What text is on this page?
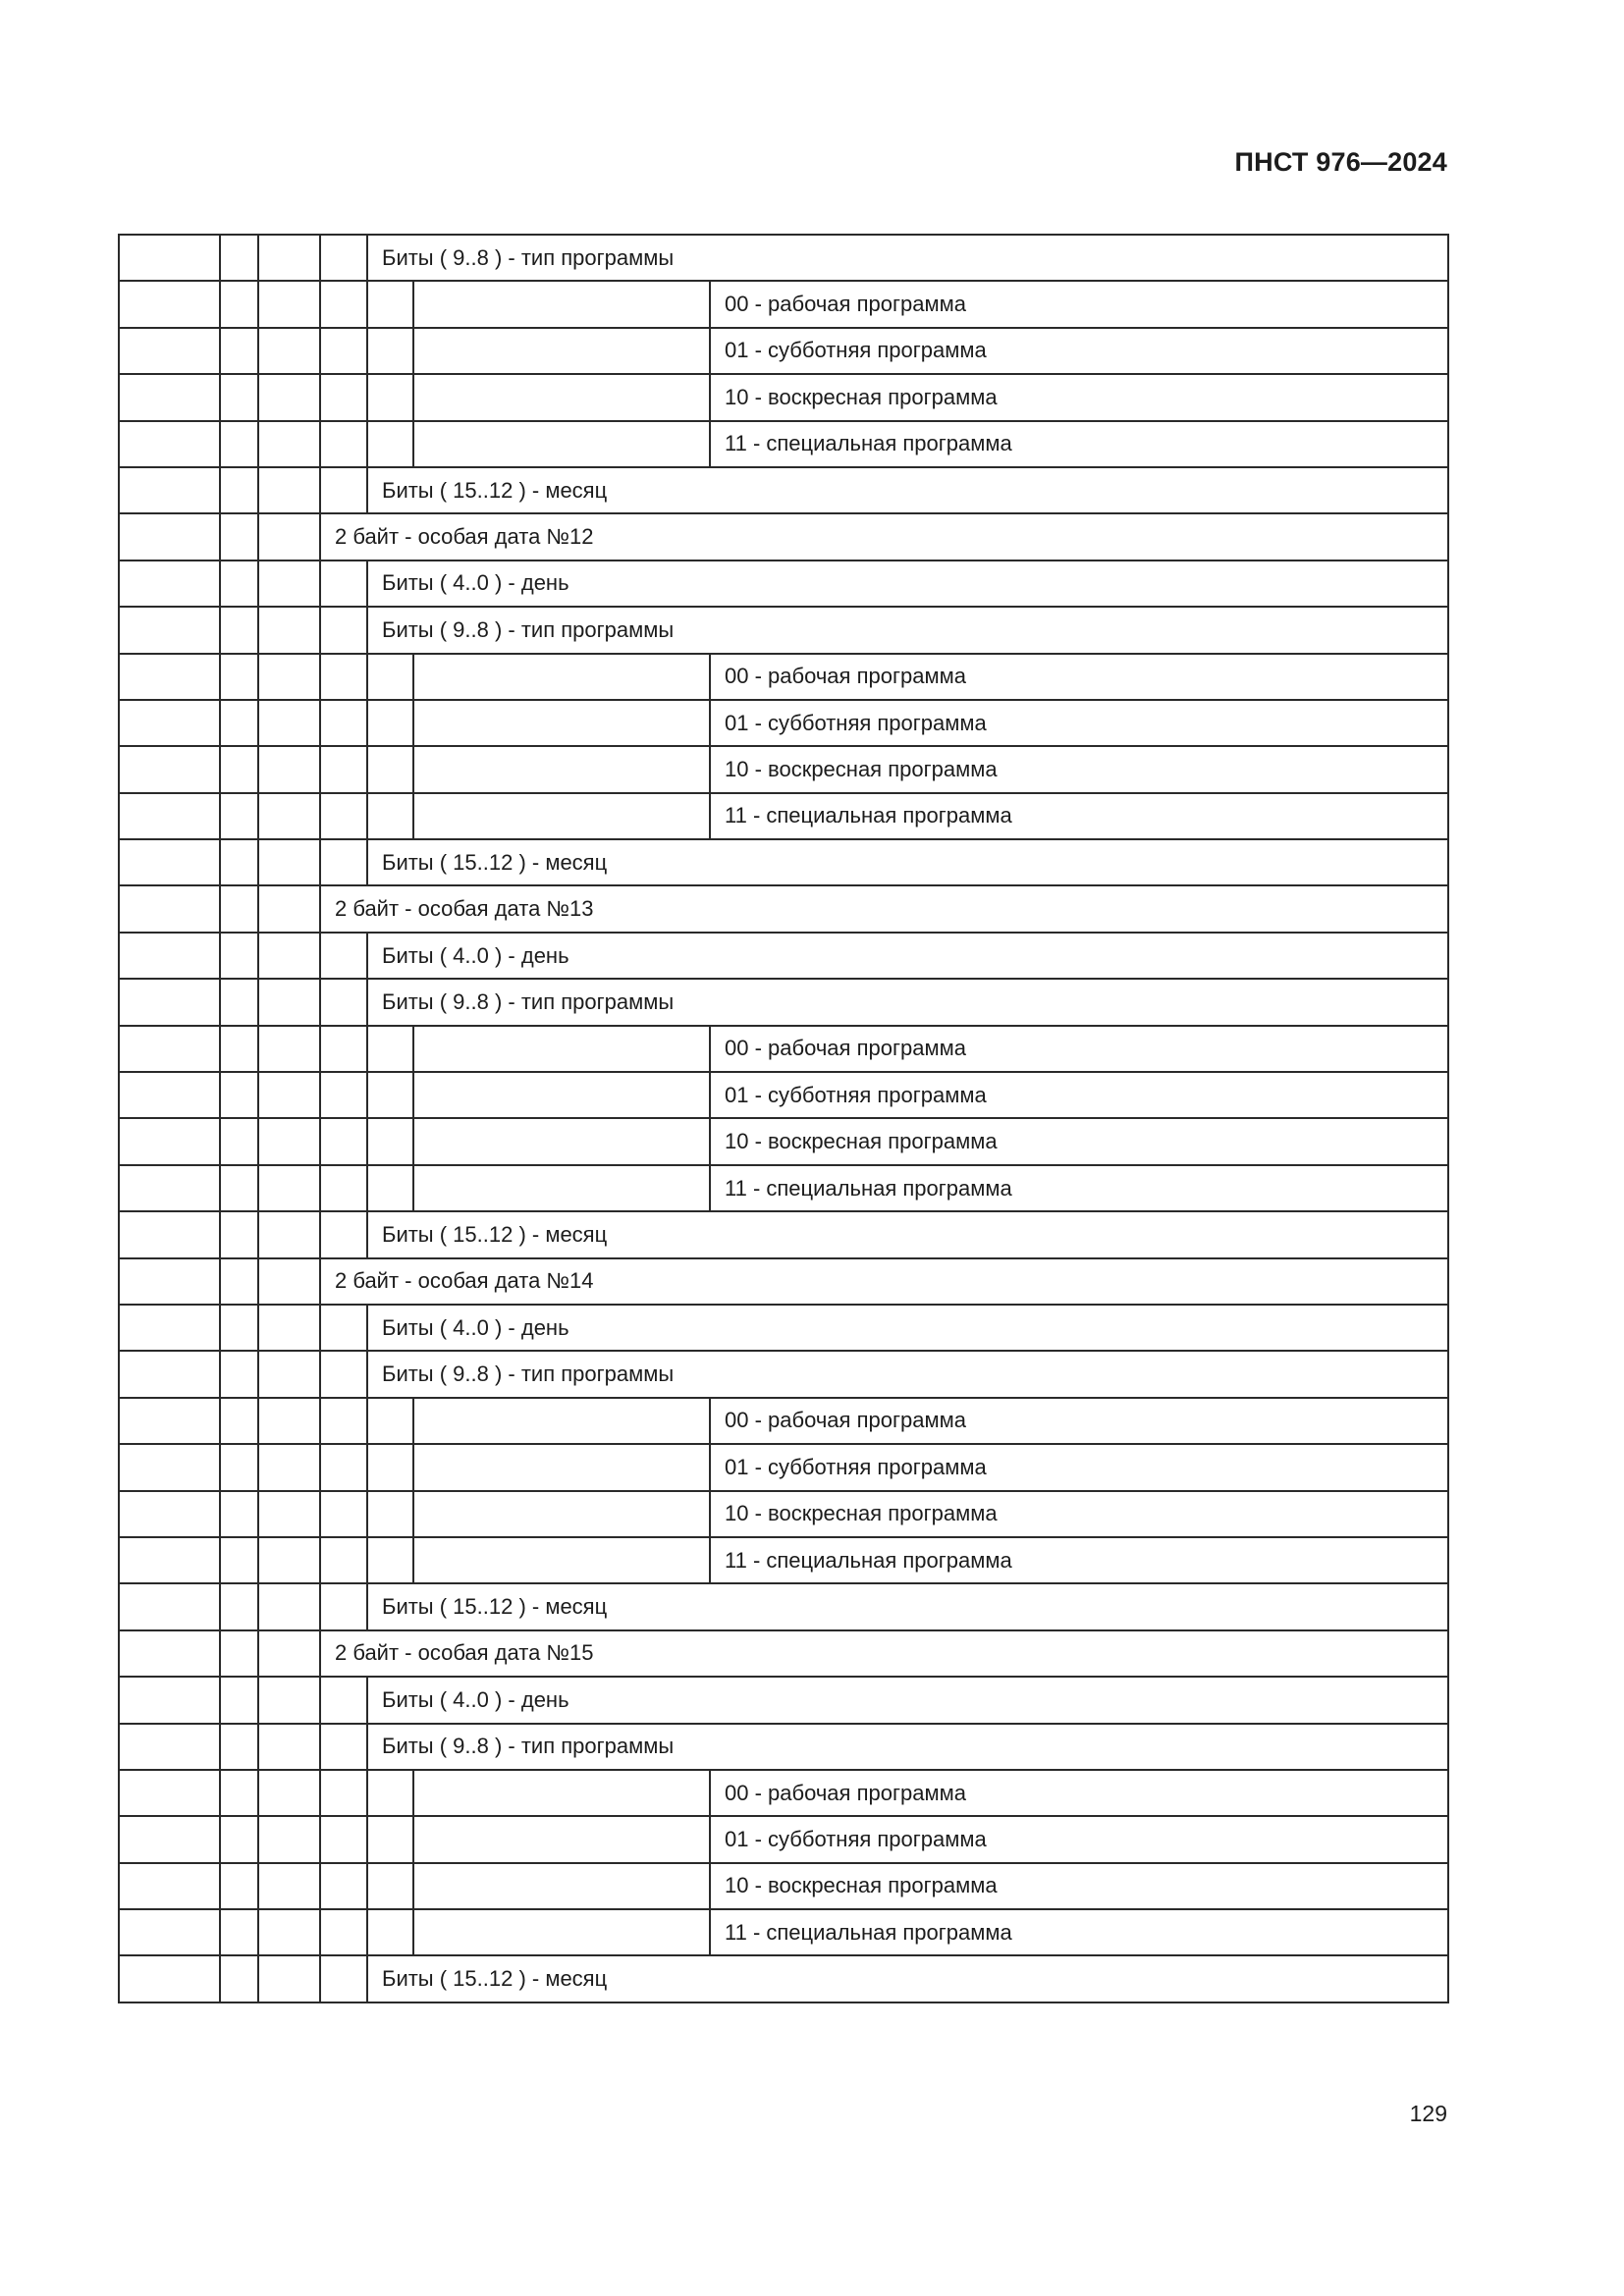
ПНСТ 976—2024
				Биты ( 9..8 ) - тип программы		
						00 - рабочая программа
						01 - субботняя программа
						10 - воскресная программа
						11 - специальная программа
				Биты ( 15..12 ) - месяц		
			2 байт - особая дата №12			
				Биты ( 4..0 ) - день		
				Биты ( 9..8 ) - тип программы		
						00 - рабочая программа
						01 - субботняя программа
						10 - воскресная программа
						11 - специальная программа
				Биты ( 15..12 ) - месяц		
			2 байт - особая дата №13			
				Биты ( 4..0 ) - день		
				Биты ( 9..8 ) - тип программы		
						00 - рабочая программа
						01 - субботняя программа
						10 - воскресная программа
						11 - специальная программа
				Биты ( 15..12 ) - месяц		
			2 байт - особая дата №14			
				Биты ( 4..0 ) - день		
				Биты ( 9..8 ) - тип программы		
						00 - рабочая программа
						01 - субботняя программа
						10 - воскресная программа
						11 - специальная программа
				Биты ( 15..12 ) - месяц		
			2 байт - особая дата №15			
				Биты ( 4..0 ) - день		
				Биты ( 9..8 ) - тип программы		
						00 - рабочая программа
						01 - субботняя программа
						10 - воскресная программа
						11 - специальная программа
				Биты ( 15..12 ) - месяц		
129
